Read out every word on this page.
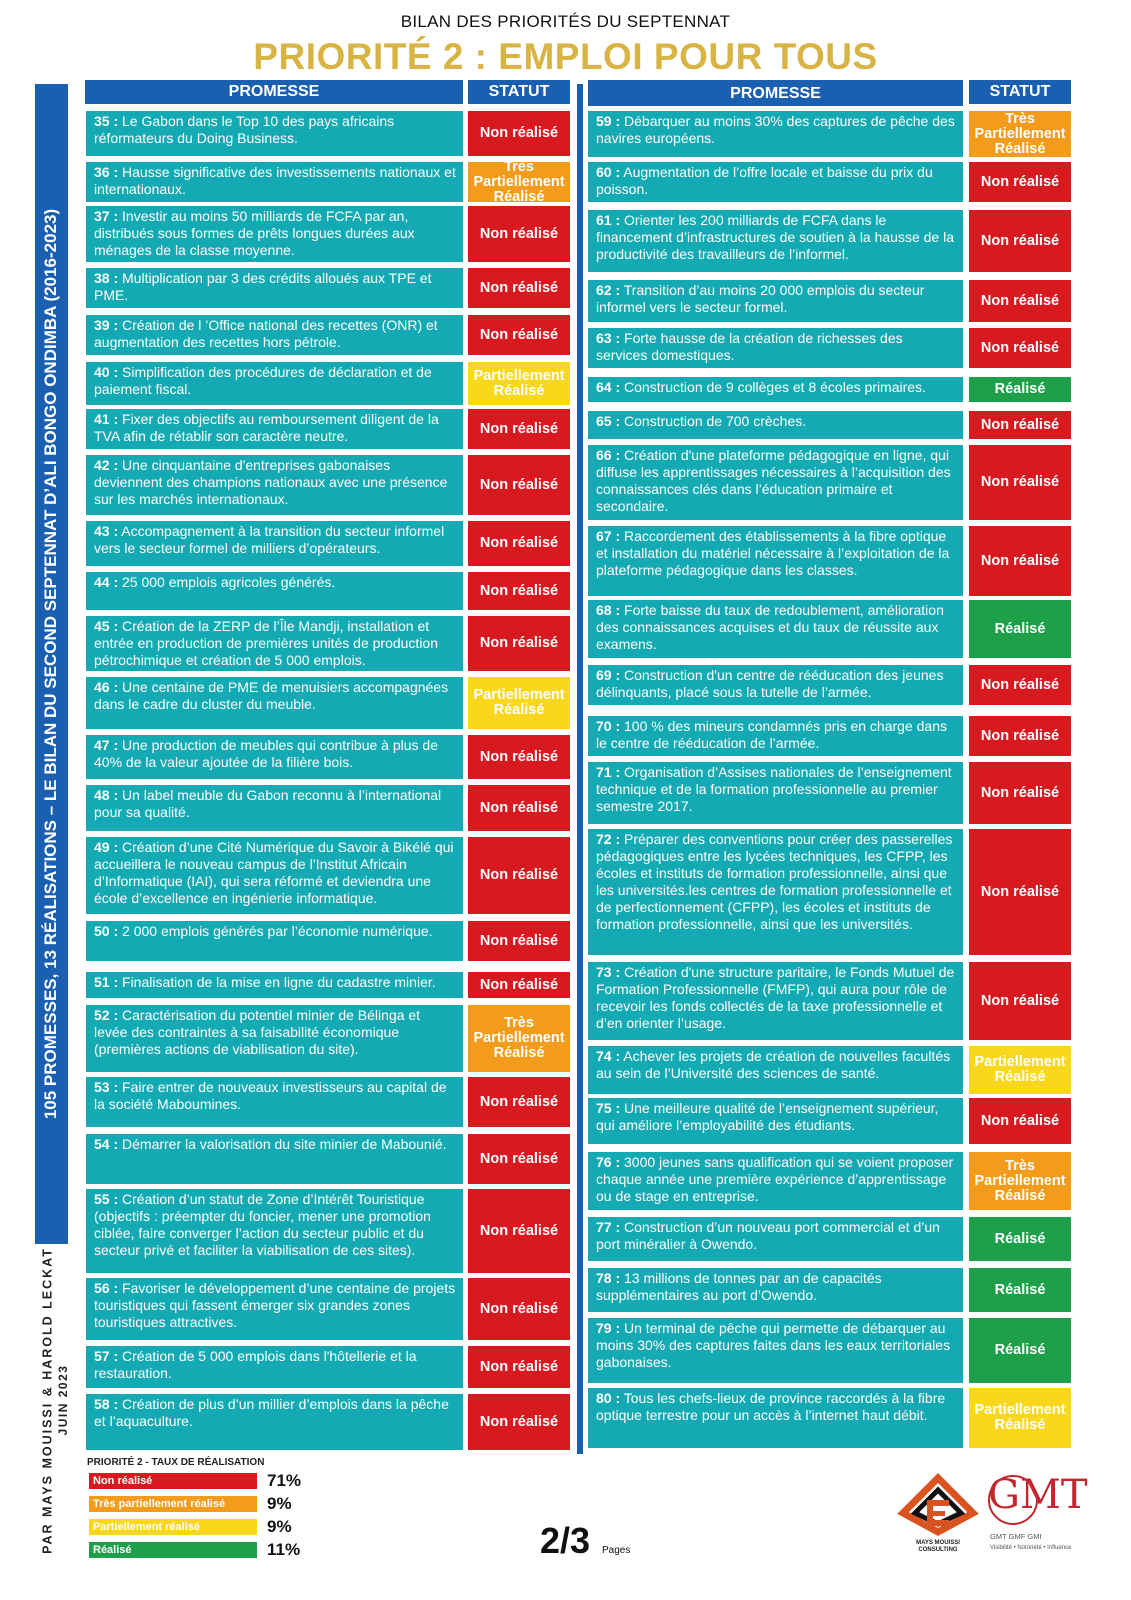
BILAN DES PRIORITÉS DU SEPTENNAT
PRIORITÉ 2 : EMPLOI POUR TOUS
105 PROMESSES, 13 RÉALISATIONS – LE BILAN DU SECOND SEPTENNAT D’ALI BONGO ONDIMBA (2016-2023)
PAR MAYS MOUISSI & HAROLD LECKAT JUIN 2023
PROMESSE	STATUT	PROMESSE	STATUT
35 : Le Gabon dans le Top 10 des pays africains réformateurs du Doing Business.	Non réalisé
36 : Hausse significative des investissements nationaux et internationaux.
Très Partiellement Réalisé
37 : Investir au moins 50 milliards de FCFA par an, distribués sous formes de prêts longues durées aux ménages de la classe moyenne.
Non réalisé
38 : Multiplication par 3 des crédits alloués aux TPE et PME.	Non réalisé
39 : Création de l ’Office national des recettes (ONR) et augmentation des recettes hors pétrole.	Non réalisé
40 : Simplification des procédures de déclaration et de paiement fiscal.
Partiellement Réalisé
41 : Fixer des objectifs au remboursement diligent de la TVA afin de rétablir son caractère neutre.	Non réalisé
42 : Une cinquantaine d'entreprises gabonaises deviennent des champions nationaux avec une présence sur les marchés internationaux.
Non réalisé
43 : Accompagnement à la transition du secteur informel vers le secteur formel de milliers d’opérateurs.	Non réalisé
44 : 25 000 emplois agricoles générés.
Non réalisé
45 : Création de la ZERP de l’Île Mandji, installation et entrée en production de premières unités de production pétrochimique et création de 5 000 emplois.
Non réalisé
46 : Une centaine de PME de menuisiers accompagnées dans le cadre du cluster du meuble.
Partiellement Réalisé
47 : Une production de meubles qui contribue à plus de 40% de la valeur ajoutée de la filière bois.	Non réalisé
48 : Un label meuble du Gabon reconnu à l’international pour sa qualité.	Non réalisé
49 : Création d’une Cité Numérique du Savoir à Bikélé qui accueillera le nouveau campus de l’Institut Africain d’Informatique (IAI), qui sera réformé et deviendra une école d’excellence en ingénierie informatique.
Non réalisé
50 : 2 000 emplois générés par l’économie numérique.
Non réalisé
51 : Finalisation de la mise en ligne du cadastre minier.	Non réalisé
52 : Caractérisation du potentiel minier de Bélinga et levée des contraintes à sa faisabilité économique (premières actions de viabilisation du site).
Très Partiellement Réalisé
53 : Faire entrer de nouveaux investisseurs au capital de la société Maboumines.	Non réalisé
54 : Démarrer la valorisation du site minier de Mabounié.
Non réalisé
55 : Création d’un statut de Zone d’Intérêt Touristique (objectifs : préempter du foncier, mener une promotion ciblée, faire converger l’action du secteur public et du secteur privé et faciliter la viabilisation de ces sites).
Non réalisé
56 : Favoriser le développement d’une centaine de projets touristiques qui fassent émerger six grandes zones touristiques attractives.
Non réalisé
57 : Création de 5 000 emplois dans l'hôtellerie et la restauration.	Non réalisé
58 : Création de plus d’un millier d’emplois dans la pêche et l’aquaculture.	Non réalisé
59 : Débarquer au moins 30% des captures de pêche des navires européens.
Très Partiellement Réalisé
60 : Augmentation de l’offre locale et baisse du prix du poisson.	Non réalisé
61 : Orienter les 200 milliards de FCFA dans le financement d’infrastructures de soutien à la hausse de la productivité des travailleurs de l’informel.
Non réalisé
62 : Transition d’au moins 20 000 emplois du secteur informel vers le secteur formel.	Non réalisé
63 : Forte hausse de la création de richesses des services domestiques.	Non réalisé
64 : Construction de 9 collèges et 8 écoles primaires.	Réalisé
65 : Construction de 700 crèches.	Non réalisé
66 : Création d'une plateforme pédagogique en ligne, qui diffuse les apprentissages nécessaires à l’acquisition des connaissances clés dans l’éducation primaire et secondaire.
Non réalisé
67 : Raccordement des établissements à la fibre optique et installation du matériel nécessaire à l’exploitation de la plateforme pédagogique dans les classes.
Non réalisé
68 : Forte baisse du taux de redoublement, amélioration des connaissances acquises et du taux de réussite aux examens.
Réalisé
69 : Construction d'un centre de rééducation des jeunes délinquants, placé sous la tutelle de l’armée.	Non réalisé
70 : 100 % des mineurs condamnés pris en charge dans le centre de rééducation de l’armée.	Non réalisé
71 : Organisation d’Assises nationales de l’enseignement technique et de la formation professionnelle au premier semestre 2017.
Non réalisé
72 : Préparer des conventions pour créer des passerelles pédagogiques entre les lycées techniques, les CFPP, les écoles et instituts de formation professionnelle, ainsi que les universités.les centres de formation professionnelle et de perfectionnement (CFPP), les écoles et instituts de formation professionnelle, ainsi que les universités.
Non réalisé
73 : Création d'une structure paritaire, le Fonds Mutuel de Formation Professionnelle (FMFP), qui aura pour rôle de recevoir les fonds collectés de la taxe professionnelle et d’en orienter l’usage.
Non réalisé
74 : Achever les projets de création de nouvelles facultés au sein de l’Université des sciences de santé.
Partiellement Réalisé
75 : Une meilleure qualité de l’enseignement supérieur, qui améliore l’employabilité des étudiants.	Non réalisé
76 : 3000 jeunes sans qualification qui se voient proposer chaque année une première expérience d’apprentissage ou de stage en entreprise.
Très Partiellement Réalisé
77 : Construction d’un nouveau port commercial et d’un port minéralier à Owendo.	Réalisé
78 : 13 millions de tonnes par an de capacités supplémentaires au port d’Owendo.	Réalisé
79 : Un terminal de pêche qui permette de débarquer au moins 30% des captures faites dans les eaux territoriales gabonaises.
Réalisé
80 : Tous les chefs-lieux de province raccordés à la fibre optique terrestre pour un accès à l’internet haut débit.	Partiellement Réalisé
PRIORITÉ 2 - TAUX DE RÉALISATION
Non réalisé	71%
Très partiellement réalisé	9%
Partiellement réalisé	9%
Réalisé	11%	2/3 Pages
MAYS MOUISSI CONSULTING
GMT
GMT GMF GMI
Visibilité • Notoriété • Influence
